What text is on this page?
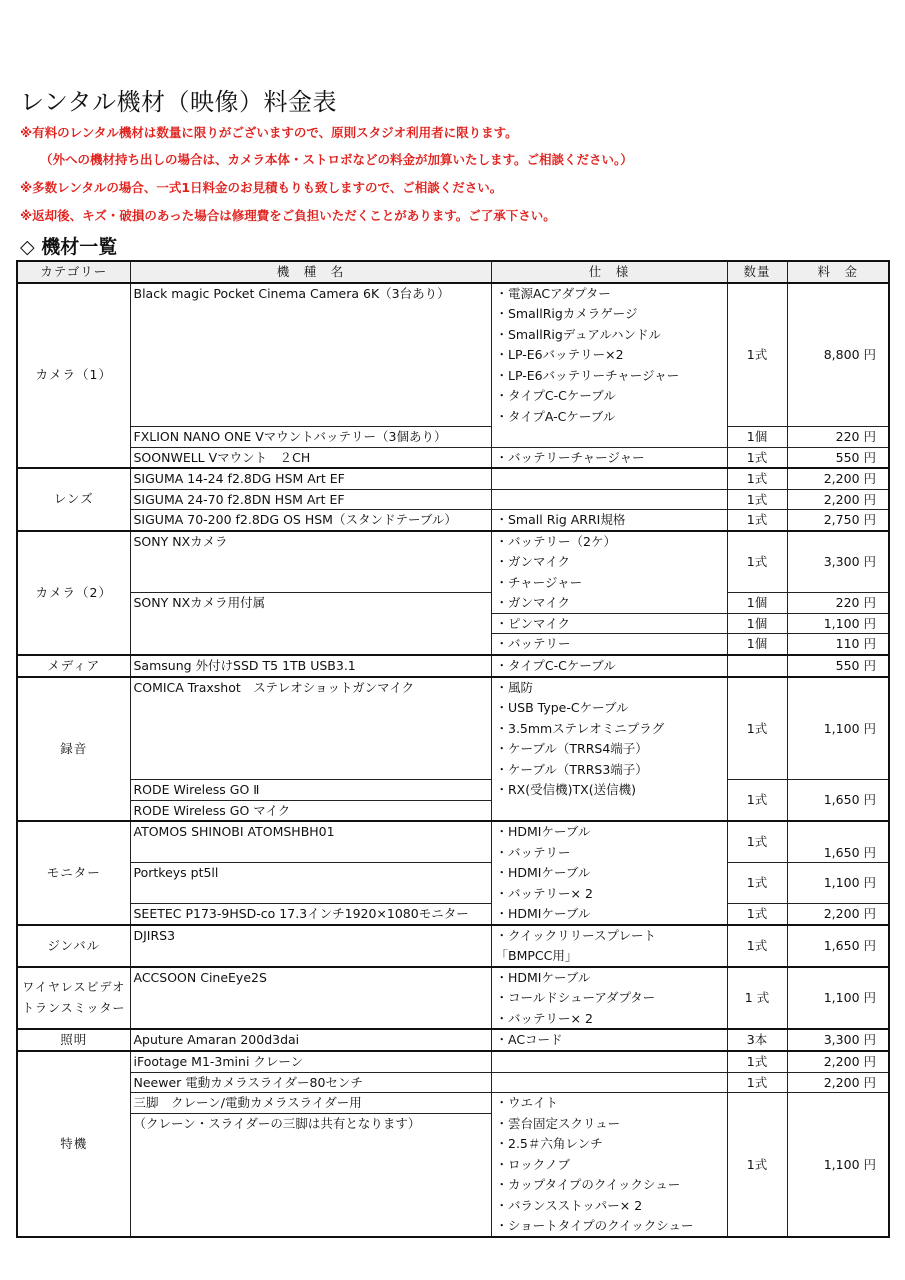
レンタル機材（映像）料金表

※有料のレンタル機材は数量に限りがございますので、原則スタジオ利用者に限ります。

（外への機材持ち出しの場合は、カメラ本体・ストロボなどの料金が加算いたします。ご相談ください。）

※多数レンタルの場合、一式1日料金のお見積もりも致しますので、ご相談ください。

※返却後、キズ・破損のあった場合は修理費をご負担いただくことがあります。ご了承下さい。

◇ 機材一覧
カテゴリー	機　種　名	仕　様	数量	料　金
カメラ（1）	Black magic Pocket Cinema Camera 6K（3台あり）	・電源ACアダプター	1式	8,800 円
		・SmallRigカメラゲージ		
		・SmallRigデュアルハンドル		
		・LP-E6バッテリー×2		
		・LP-E6バッテリーチャージャー		
		・タイプC-Cケーブル		
		・タイプA-Cケーブル		
	FXLION NANO ONE Vマウントバッテリー（3個あり）		1個	220 円
	SOONWELL Vマウント　２CH	・バッテリーチャージャー	1式	550 円
レンズ	SIGUMA 14-24 f2.8DG HSM Art EF		1式	2,200 円
	SIGUMA 24-70 f2.8DN HSM Art EF		1式	2,200 円
	SIGUMA 70-200 f2.8DG OS HSM（スタンドテーブル）	・Small Rig ARRI規格	1式	2,750 円
カメラ（2）	SONY NXカメラ	・バッテリー（2ケ）	1式	3,300 円
		・ガンマイク		
		・チャージャー		
	SONY NXカメラ用付属	・ガンマイク	1個	220 円
		・ピンマイク	1個	1,100 円
		・バッテリー	1個	110 円
メディア	Samsung 外付けSSD T5 1TB USB3.1	・タイプC-Cケーブル		550 円
録音	COMICA Traxshot　ステレオショットガンマイク	・風防	1式	1,100 円
		・USB Type-Cケーブル		
		・3.5mmステレオミニプラグ		
		・ケーブル（TRRS4端子）		
		・ケーブル（TRRS3端子）		
	RODE Wireless GO Ⅱ	・RX(受信機)TX(送信機)	1式	1,650 円
	RODE Wireless GO マイク			
モニター	ATOMOS SHINOBI ATOMSHBH01	・HDMIケーブル	1式	1,650 円
		・バッテリー		
	Portkeys pt5ll	・HDMIケーブル	1式	1,100 円
		・バッテリー× 2		
	SEETEC P173-9HSD-co 17.3インチ1920×1080モニター	・HDMIケーブル	1式	2,200 円
ジンバル	DJIRS3	・クイックリリースプレート	1式	1,650 円
		「BMPCC用」		
ワイヤレスビデオトランスミッター	ACCSOON CineEye2S	・HDMIケーブル	1 式	1,100 円
		・コールドシューアダプター		
		・バッテリー× 2		
照明	Aputure Amaran 200d3dai	・ACコード	3本	3,300 円
特機	iFootage M1-3mini クレーン		1式	2,200 円
	Neewer 電動カメラスライダー80センチ		1式	2,200 円
	三脚　クレーン/電動カメラスライダー用	・ウエイト	1式	1,100 円
	（クレーン・スライダーの三脚は共有となります）	・雲台固定スクリュー		
		・2.5＃六角レンチ		
		・ロックノブ		
		・カップタイプのクイックシュー		
		・バランスストッパー× 2		
		・ショートタイプのクイックシュー		
